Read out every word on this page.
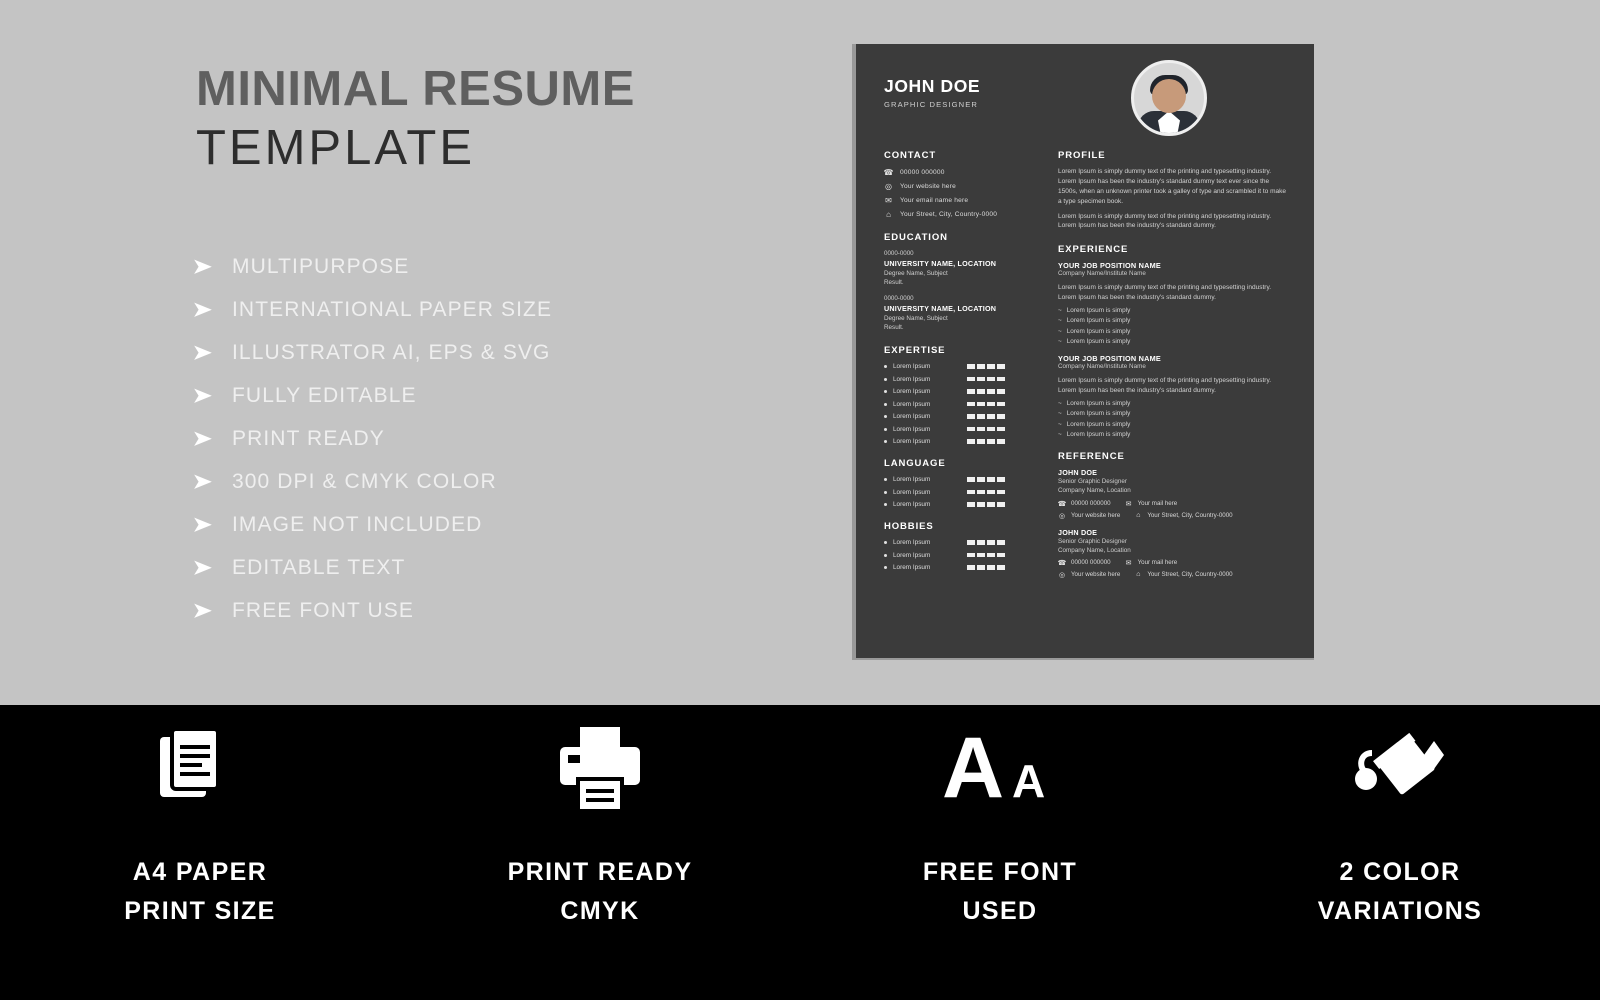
MINIMAL RESUME
TEMPLATE
➤ MULTIPURPOSE
➤ INTERNATIONAL PAPER SIZE
➤ ILLUSTRATOR AI, EPS & SVG
➤ FULLY EDITABLE
➤ PRINT READY
➤ 300 DPI & CMYK COLOR
➤ IMAGE NOT INCLUDED
➤ EDITABLE TEXT
➤ FREE FONT USE
JOHN DOE
GRAPHIC DESIGNER
CONTACT
☎ 00000 000000
◎ Your website here
✉ Your email name here
⌂	Your Street, City, Country-0000
EDUCATION
0000-0000
UNIVERSITY NAME, LOCATION
Degree Name, Subject
Result.
0000-0000
UNIVERSITY NAME, LOCATION
Degree Name, Subject
Result.
EXPERTISE
Lorem Ipsum
Lorem Ipsum
Lorem Ipsum
Lorem Ipsum
Lorem Ipsum
Lorem Ipsum
Lorem Ipsum
LANGUAGE
Lorem Ipsum
Lorem Ipsum
Lorem Ipsum
HOBBIES
Lorem Ipsum
Lorem Ipsum
Lorem Ipsum
PROFILE

Lorem Ipsum is simply dummy text of the printing and typesetting industry. Lorem Ipsum has been the industry's standard dummy text ever since the 1500s, when an unknown printer took a galley of type and scrambled it to make a type specimen book.

Lorem Ipsum is simply dummy text of the printing and typesetting industry. Lorem Ipsum has been the industry's standard dummy.

EXPERIENCE
YOUR JOB POSITION NAME
Company Name/Institute Name
Lorem Ipsum is simply dummy text of the printing and typesetting industry. Lorem Ipsum has been the industry's standard dummy.
~ Lorem Ipsum is simply
~ Lorem Ipsum is simply
~ Lorem Ipsum is simply
~ Lorem Ipsum is simply
YOUR JOB POSITION NAME
Company Name/Institute Name
Lorem Ipsum is simply dummy text of the printing and typesetting industry. Lorem Ipsum has been the industry's standard dummy.
~ Lorem Ipsum is simply
~ Lorem Ipsum is simply
~ Lorem Ipsum is simply
~ Lorem Ipsum is simply
REFERENCE
JOHN DOE
Senior Graphic Designer
Company Name, Location
☎ 00000 000000 ✉ Your mail here
◎ Your website here ⌂	Your Street, City, Country-0000
JOHN DOE
Senior Graphic Designer
Company Name, Location
☎ 00000 000000 ✉ Your mail here
◎ Your website here ⌂	Your Street, City, Country-0000
A4 PAPER
PRINT SIZE
PRINT READY
CMYK
A A
FREE FONT
USED
2 COLOR
VARIATIONS
